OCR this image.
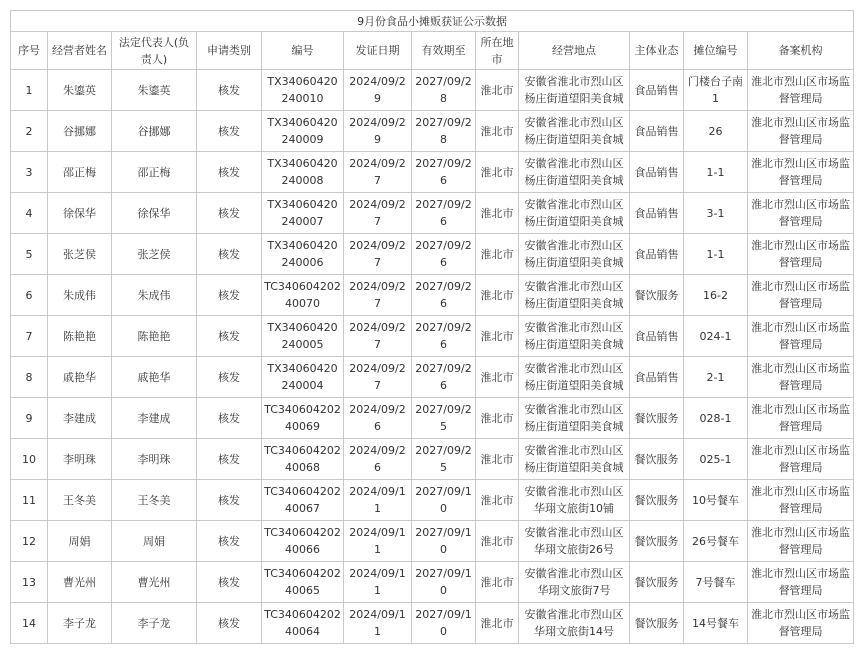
9月份食品小摊贩获证公示数据											
序号	经营者姓名	法定代表人(负责人)	申请类别	编号	发证日期	有效期至	所在地市	经营地点	主体业态	摊位编号	备案机构
1	朱鎏英	朱鎏英	核发	TX34060420240010	2024/09/29	2027/09/28	淮北市	安徽省淮北市烈山区杨庄街道望阳美食城	食品销售	门楼台子南1	淮北市烈山区市场监督管理局
2	谷挪娜	谷挪娜	核发	TX34060420240009	2024/09/29	2027/09/28	淮北市	安徽省淮北市烈山区杨庄街道望阳美食城	食品销售	26	淮北市烈山区市场监督管理局
3	邵正梅	邵正梅	核发	TX34060420240008	2024/09/27	2027/09/26	淮北市	安徽省淮北市烈山区杨庄街道望阳美食城	食品销售	1-1	淮北市烈山区市场监督管理局
4	徐保华	徐保华	核发	TX34060420240007	2024/09/27	2027/09/26	淮北市	安徽省淮北市烈山区杨庄街道望阳美食城	食品销售	3-1	淮北市烈山区市场监督管理局
5	张芝侯	张芝侯	核发	TX34060420240006	2024/09/27	2027/09/26	淮北市	安徽省淮北市烈山区杨庄街道望阳美食城	食品销售	1-1	淮北市烈山区市场监督管理局
6	朱成伟	朱成伟	核发	TC34060420240070	2024/09/27	2027/09/26	淮北市	安徽省淮北市烈山区杨庄街道望阳美食城	餐饮服务	16-2	淮北市烈山区市场监督管理局
7	陈艳艳	陈艳艳	核发	TX34060420240005	2024/09/27	2027/09/26	淮北市	安徽省淮北市烈山区杨庄街道望阳美食城	食品销售	024-1	淮北市烈山区市场监督管理局
8	戚艳华	戚艳华	核发	TX34060420240004	2024/09/27	2027/09/26	淮北市	安徽省淮北市烈山区杨庄街道望阳美食城	食品销售	2-1	淮北市烈山区市场监督管理局
9	李建成	李建成	核发	TC34060420240069	2024/09/26	2027/09/25	淮北市	安徽省淮北市烈山区杨庄街道望阳美食城	餐饮服务	028-1	淮北市烈山区市场监督管理局
10	李明珠	李明珠	核发	TC34060420240068	2024/09/26	2027/09/25	淮北市	安徽省淮北市烈山区杨庄街道望阳美食城	餐饮服务	025-1	淮北市烈山区市场监督管理局
11	王冬美	王冬美	核发	TC34060420240067	2024/09/11	2027/09/10	淮北市	安徽省淮北市烈山区华珝文旅街10铺	餐饮服务	10号餐车	淮北市烈山区市场监督管理局
12	周娟	周娟	核发	TC34060420240066	2024/09/11	2027/09/10	淮北市	安徽省淮北市烈山区华珝文旅街26号	餐饮服务	26号餐车	淮北市烈山区市场监督管理局
13	曹光州	曹光州	核发	TC34060420240065	2024/09/11	2027/09/10	淮北市	安徽省淮北市烈山区华珝文旅街7号	餐饮服务	7号餐车	淮北市烈山区市场监督管理局
14	李子龙	李子龙	核发	TC34060420240064	2024/09/11	2027/09/10	淮北市	安徽省淮北市烈山区华珝文旅街14号	餐饮服务	14号餐车	淮北市烈山区市场监督管理局
